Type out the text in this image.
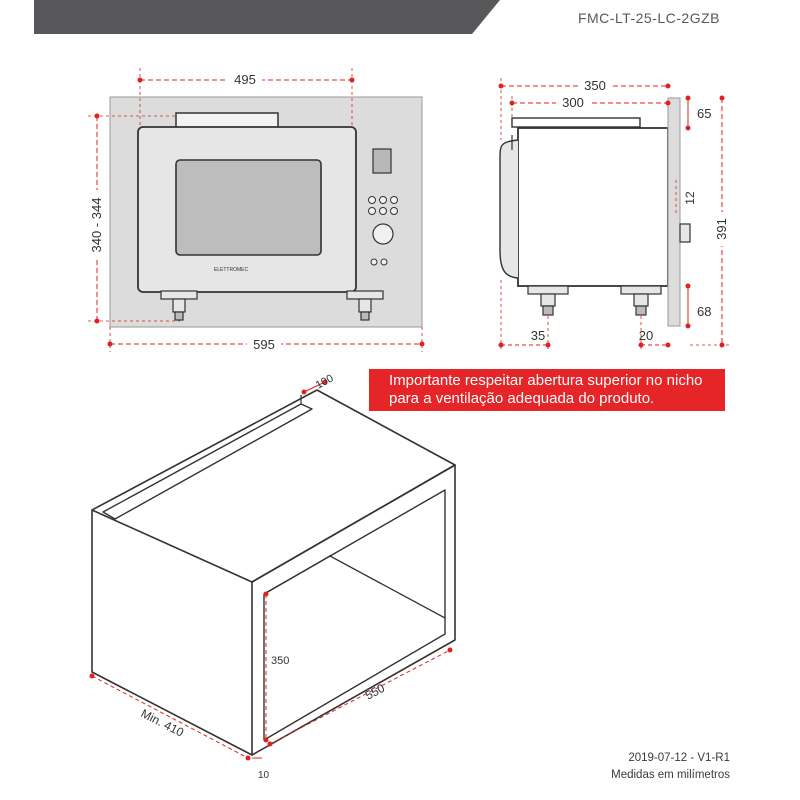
FMC-LT-25-LC-2GZB
ELETTROMEC
495
340 - 344
595
350
300
65
12
391
68
35	20
100
350
550
Min. 410
10
Importante respeitar abertura superior no nicho para a ventilação adequada do produto.
2019-07-12 - V1-R1
Medidas em milímetros
